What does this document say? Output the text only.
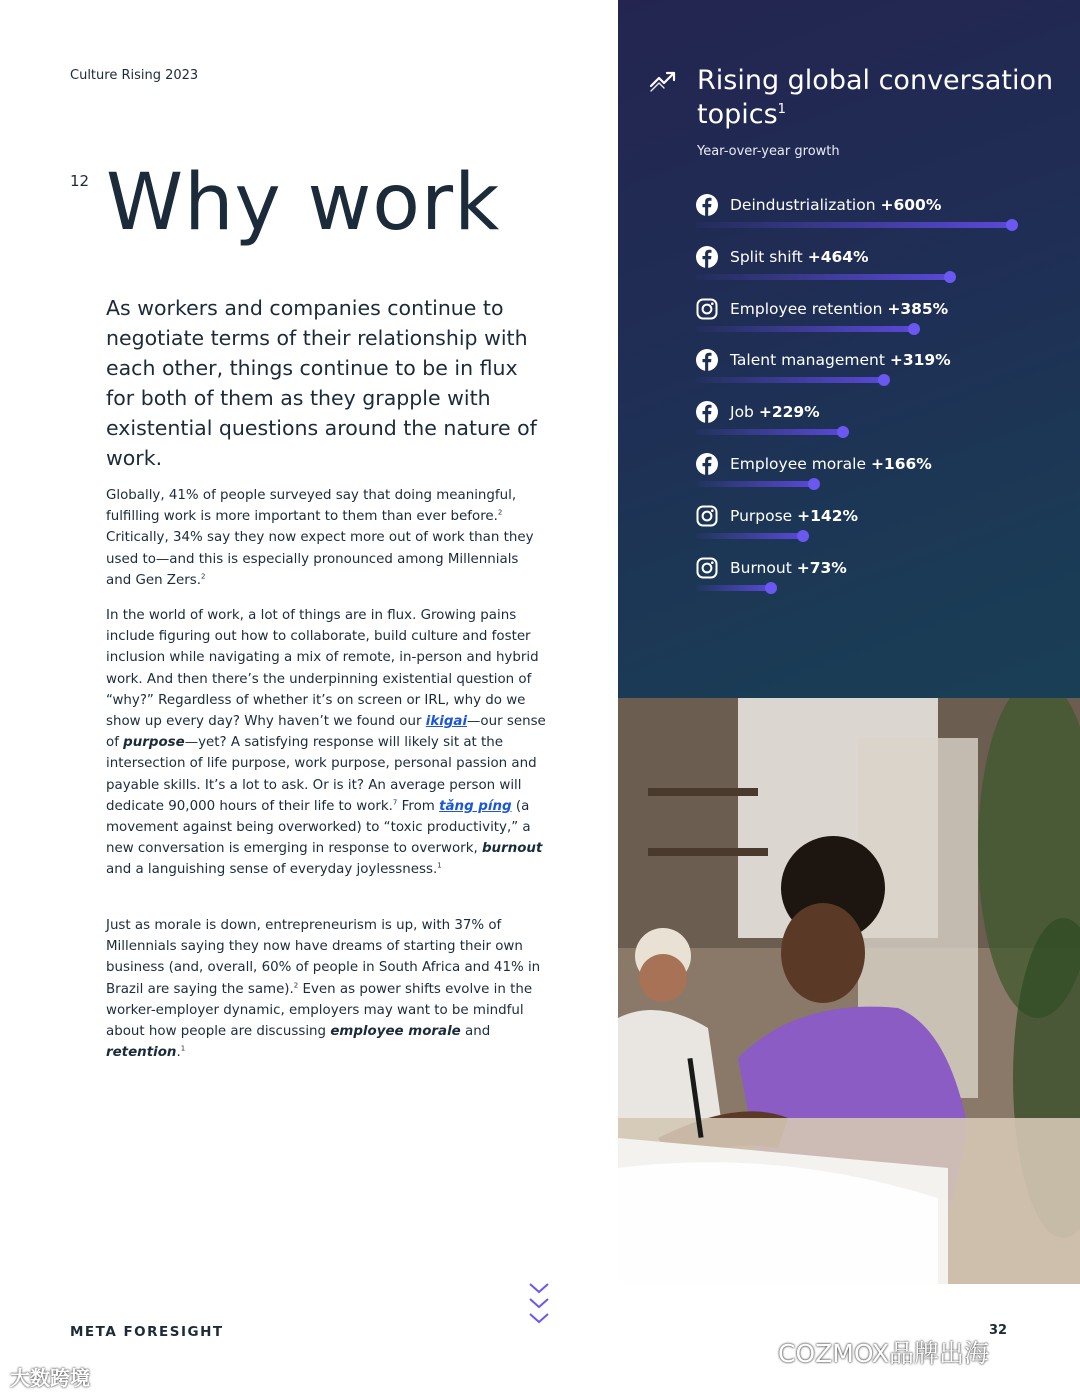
Culture Rising 2023
12 Why work

As workers and companies continue to negotiate terms of their relationship with each other, things continue to be in flux for both of them as they grapple with existential questions around the nature of work.

Globally, 41% of people surveyed say that doing meaningful, fulfilling work is more important to them than ever before.$^2$ Critically, 34% say they now expect more out of work than they used to—and this is especially pronounced among Millennials and Gen Zers.$^2$

In the world of work, a lot of things are in flux. Growing pains include figuring out how to collaborate, build culture and foster inclusion while navigating a mix of remote, in-person and hybrid work. And then there’s the underpinning existential question of “why?” Regardless of whether it’s on screen or IRL, why do we show up every day? Why haven’t we found our ikigai—our sense of purpose—yet? A satisfying response will likely sit at the intersection of life purpose, work purpose, personal passion and payable skills. It’s a lot to ask. Or is it? An average person will dedicate 90,000 hours of their life to work.$^7$ From tǎng píng (a movement against being overworked) to “toxic productivity,” a new conversation is emerging in response to overwork, burnout and a languishing sense of everyday joylessness.$^1$

Just as morale is down, entrepreneurism is up, with 37% of Millennials saying they now have dreams of starting their own business (and, overall, 60% of people in South Africa and 41% in Brazil are saying the same).$^2$ Even as power shifts evolve in the worker-employer dynamic, employers may want to be mindful about how people are discussing employee morale and retention.$^1$

META FORESIGHT	32
Rising global conversation topics$^1$
Year-over-year growth
Deindustrialization +600%
Split shift +464%
Employee retention +385%
Talent management +319%
Job +229%
Employee morale +166%
Purpose +142%
Burnout +73%
大数跨境
COZMOX品牌出海
